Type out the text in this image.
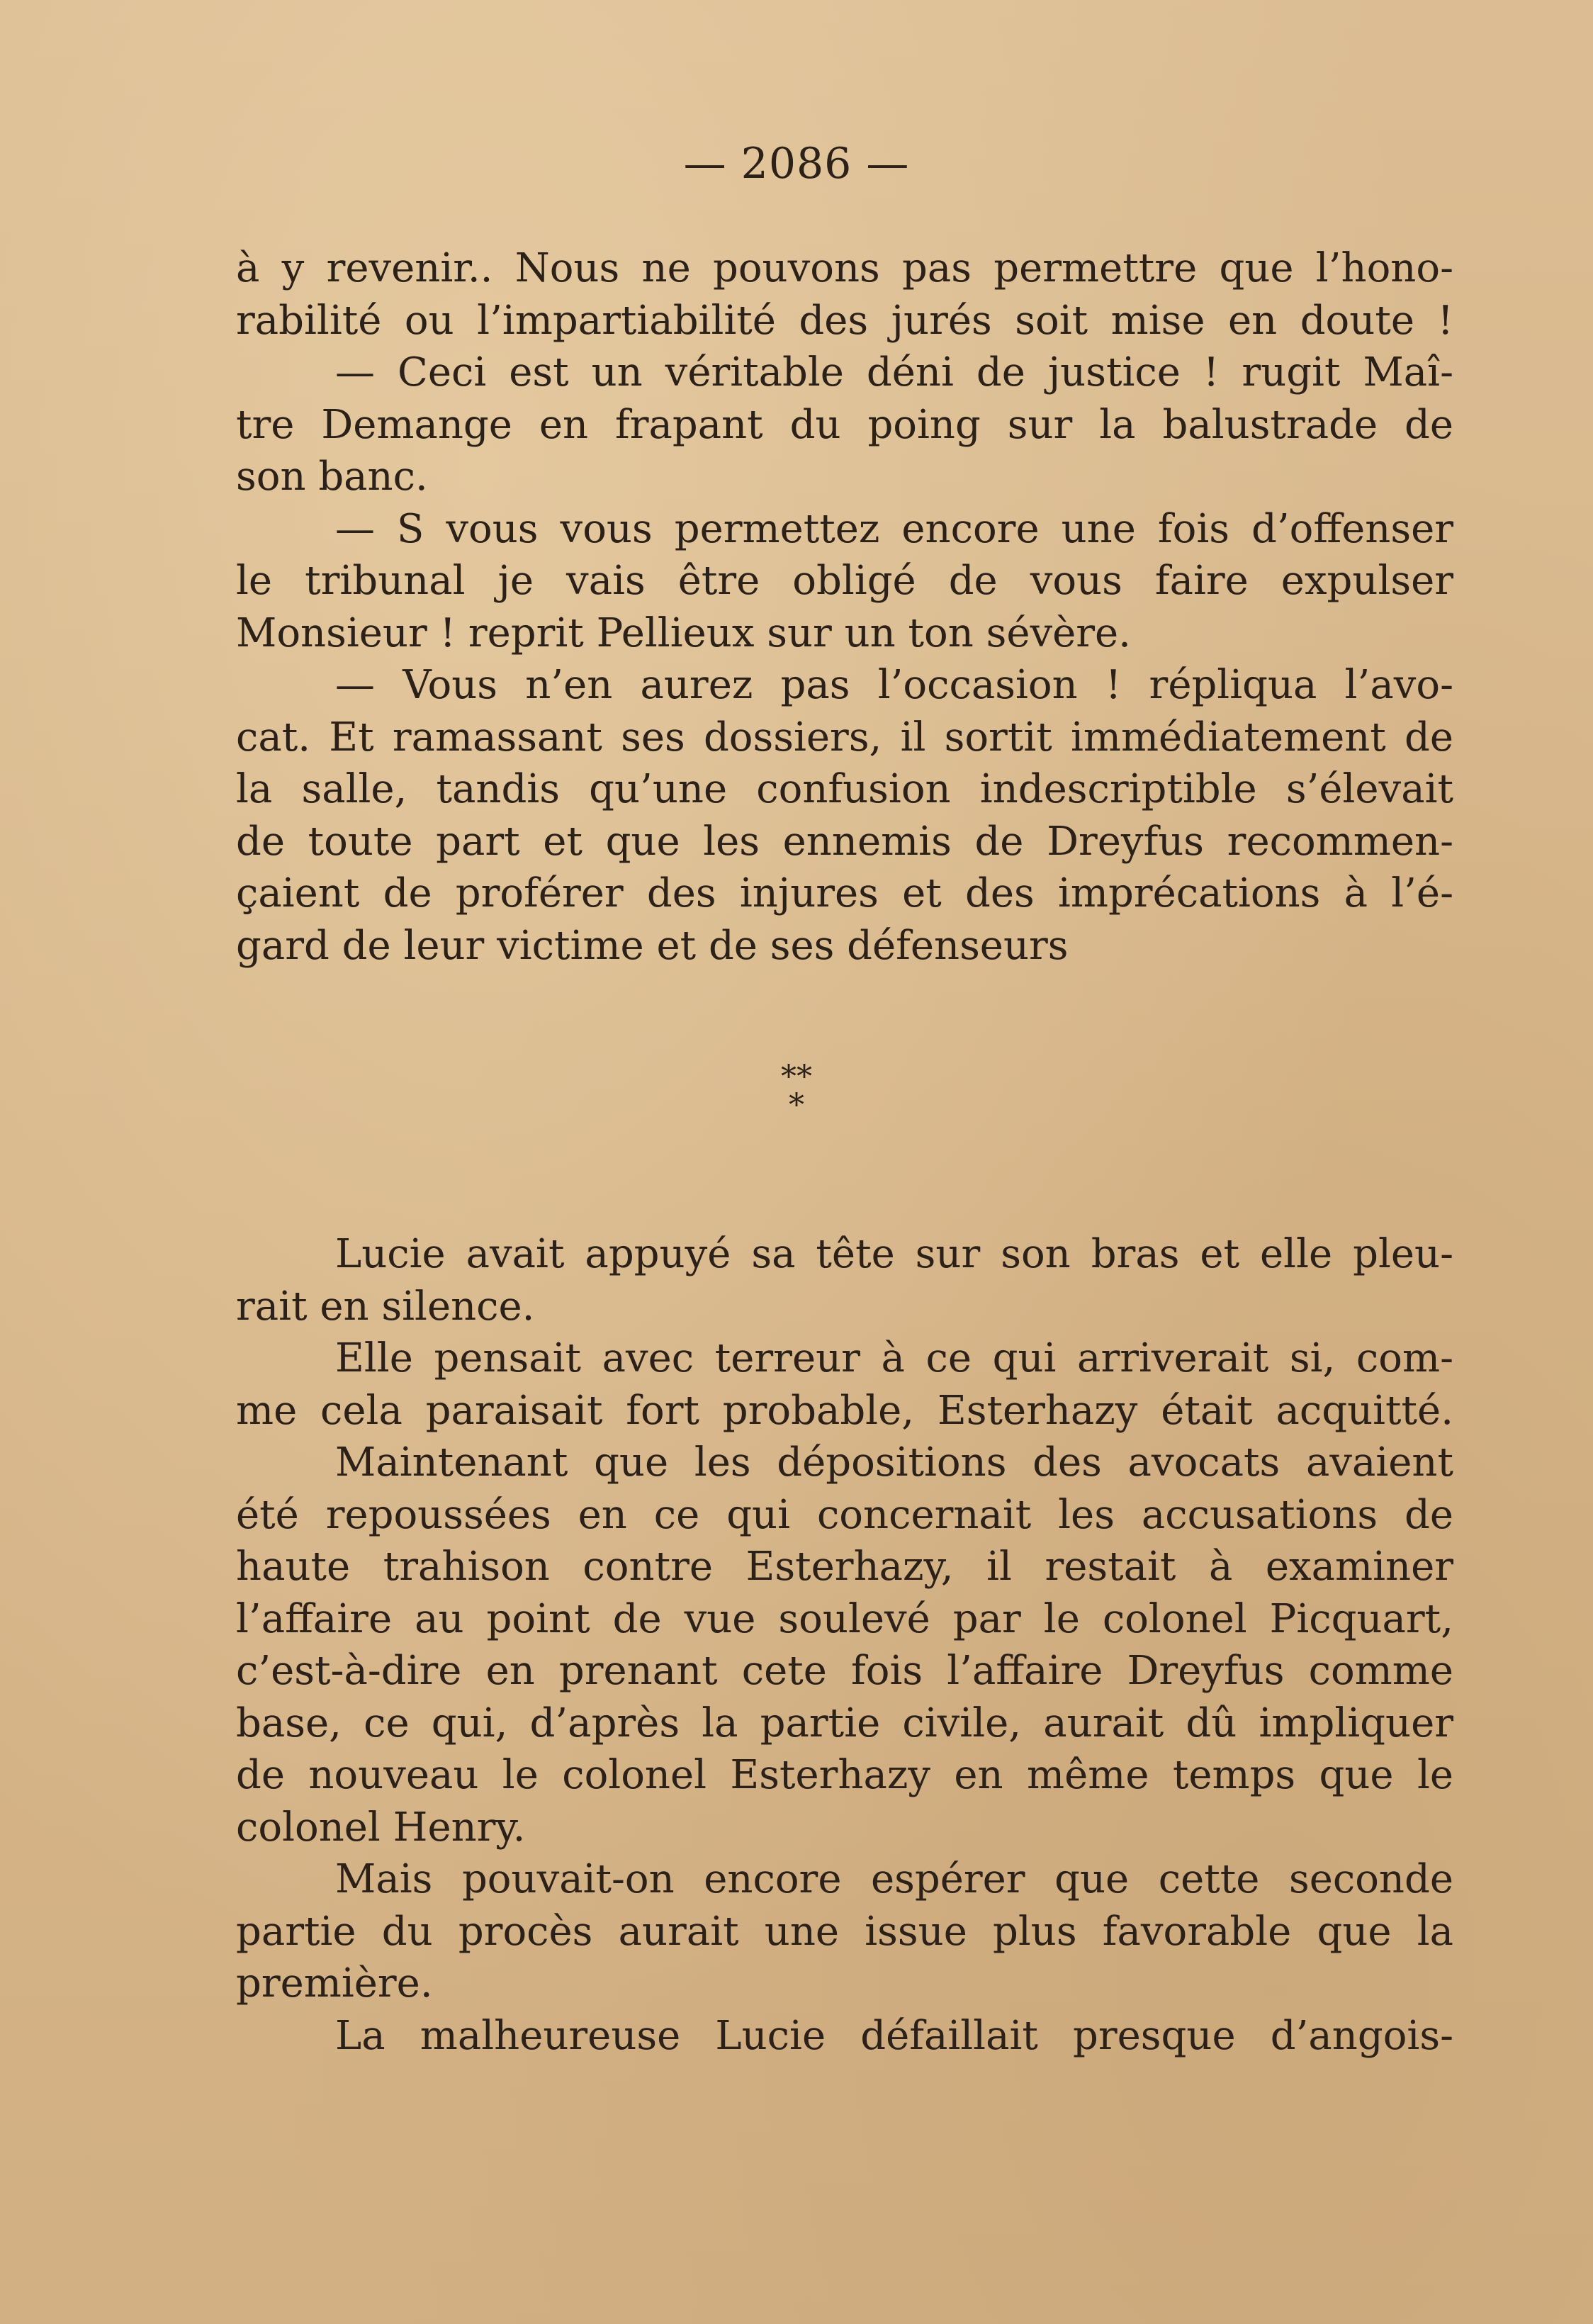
— 2086 —
à y revenir.. Nous ne pouvons pas permettre que l’hono-
rabilité ou l’impartiabilité des jurés soit mise en doute !
— Ceci est un véritable déni de justice ! rugit Maî-
tre Demange en frapant du poing sur la balustrade de
son banc.
— S vous vous permettez encore une fois d’offenser
le tribunal je vais être obligé de vous faire expulser
Monsieur ! reprit Pellieux sur un ton sévère.
— Vous n’en aurez pas l’occasion ! répliqua l’avo-
cat. Et ramassant ses dossiers, il sortit immédiatement de
la salle, tandis qu’une confusion indescriptible s’élevait
de toute part et que les ennemis de Dreyfus recommen-
çaient de proférer des injures et des imprécations à l’é-
gard de leur victime et de ses défenseurs
**
*
Lucie avait appuyé sa tête sur son bras et elle pleu-
rait en silence.
Elle pensait avec terreur à ce qui arriverait si, com-
me cela paraisait fort probable, Esterhazy était acquitté.
Maintenant que les dépositions des avocats avaient
été repoussées en ce qui concernait les accusations de
haute trahison contre Esterhazy, il restait à examiner
l’affaire au point de vue soulevé par le colonel Picquart,
c’est-à-dire en prenant cete fois l’affaire Dreyfus comme
base, ce qui, d’après la partie civile, aurait dû impliquer
de nouveau le colonel Esterhazy en même temps que le
colonel Henry.
Mais pouvait-on encore espérer que cette seconde
partie du procès aurait une issue plus favorable que la
première.
La malheureuse Lucie défaillait presque d’angois-
